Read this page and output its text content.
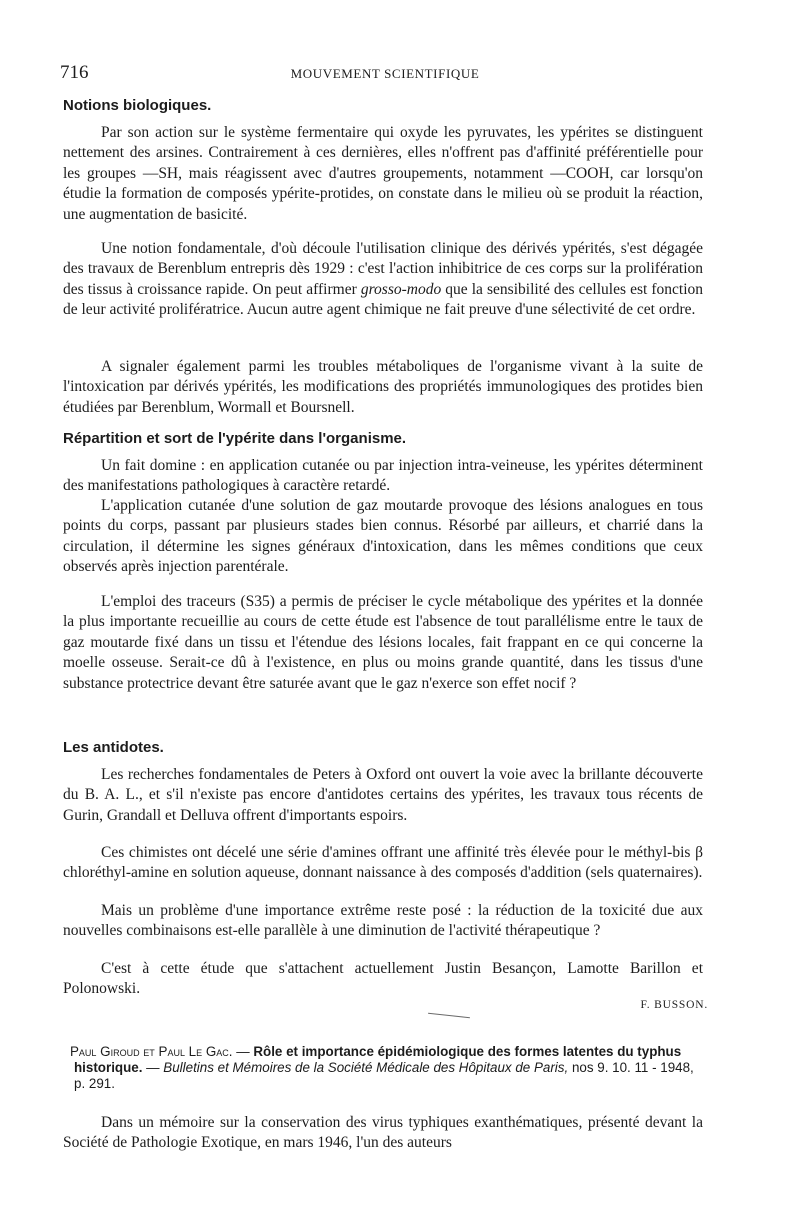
716	MOUVEMENT SCIENTIFIQUE
Notions biologiques.

Par son action sur le système fermentaire qui oxyde les pyruvates, les ypérites se distinguent nettement des arsines. Contrairement à ces dernières, elles n'offrent pas d'affinité préférentielle pour les groupes —SH, mais réagissent avec d'autres groupements, notamment —COOH, car lorsqu'on étudie la formation de composés ypérite-protides, on constate dans le milieu où se produit la réaction, une augmentation de basicité.

Une notion fondamentale, d'où découle l'utilisation clinique des dérivés ypérités, s'est dégagée des travaux de Berenblum entrepris dès 1929 : c'est l'action inhibitrice de ces corps sur la prolifération des tissus à croissance rapide. On peut affirmer grosso-modo que la sensibilité des cellules est fonction de leur activité prolifératrice. Aucun autre agent chimique ne fait preuve d'une sélectivité de cet ordre.

A signaler également parmi les troubles métaboliques de l'organisme vivant à la suite de l'intoxication par dérivés ypérités, les modifications des propriétés immunologiques des protides bien étudiées par Berenblum, Wormall et Boursnell.

Répartition et sort de l'ypérite dans l'organisme.

Un fait domine : en application cutanée ou par injection intra-veineuse, les ypérites déterminent des manifestations pathologiques à caractère retardé.

L'application cutanée d'une solution de gaz moutarde provoque des lésions analogues en tous points du corps, passant par plusieurs stades bien connus. Résorbé par ailleurs, et charrié dans la circulation, il détermine les signes généraux d'intoxication, dans les mêmes conditions que ceux observés après injection parentérale.

L'emploi des traceurs (S35) a permis de préciser le cycle métabolique des ypérites et la donnée la plus importante recueillie au cours de cette étude est l'absence de tout parallélisme entre le taux de gaz moutarde fixé dans un tissu et l'étendue des lésions locales, fait frappant en ce qui concerne la moelle osseuse. Serait-ce dû à l'existence, en plus ou moins grande quantité, dans les tissus d'une substance protectrice devant être saturée avant que le gaz n'exerce son effet nocif ?

Les antidotes.

Les recherches fondamentales de Peters à Oxford ont ouvert la voie avec la brillante découverte du B. A. L., et s'il n'existe pas encore d'antidotes certains des ypérites, les travaux tous récents de Gurin, Grandall et Delluva offrent d'importants espoirs.

Ces chimistes ont décelé une série d'amines offrant une affinité très élevée pour le méthyl-bis β chloréthyl-amine en solution aqueuse, donnant naissance à des composés d'addition (sels quaternaires).

Mais un problème d'une importance extrême reste posé : la réduction de la toxicité due aux nouvelles combinaisons est-elle parallèle à une diminution de l'activité thérapeutique ?

C'est à cette étude que s'attachent actuellement Justin Besançon, Lamotte Barillon et Polonowski.

F. BUSSON.

Paul Giroud et Paul Le Gac. — Rôle et importance épidémiologique des formes latentes du typhus historique. — Bulletins et Mémoires de la Société Médicale des Hôpitaux de Paris, nos 9. 10. 11 - 1948, p. 291.

Dans un mémoire sur la conservation des virus typhiques exanthématiques, présenté devant la Société de Pathologie Exotique, en mars 1946, l'un des auteurs
